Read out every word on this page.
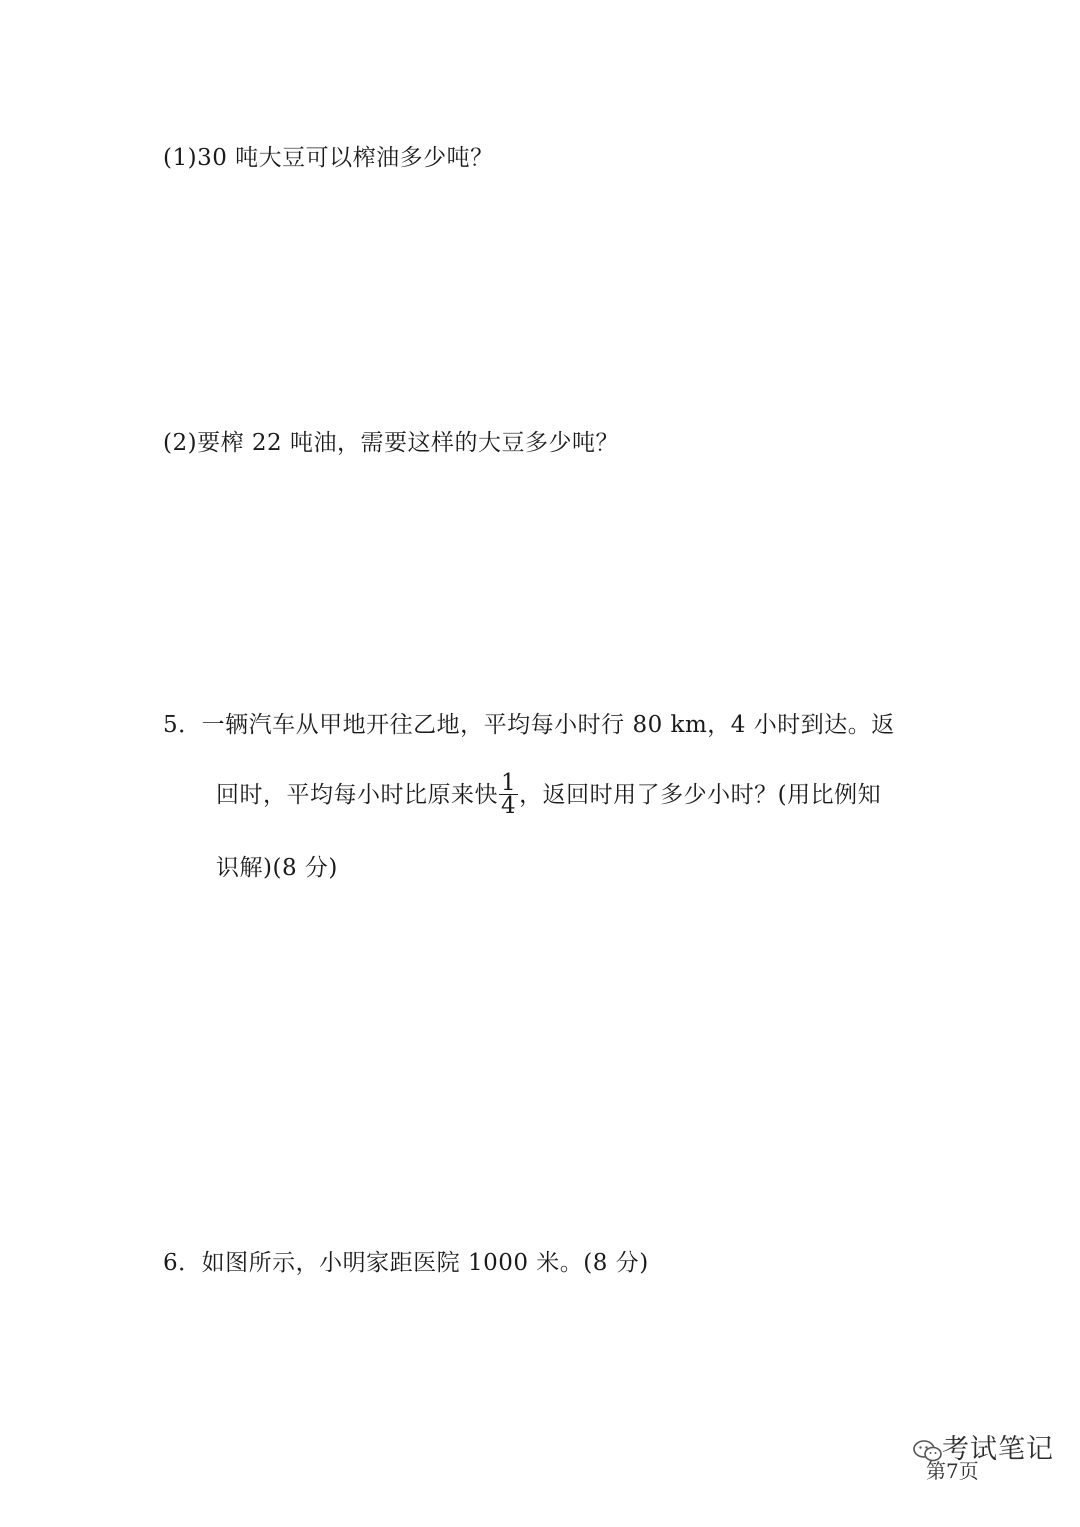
(1)30 吨大豆可以榨油多少吨？
(2)要榨 22 吨油，需要这样的大豆多少吨？
5．一辆汽车从甲地开往乙地，平均每小时行 80 km，4 小时到达。返
回时，平均每小时比原来快 $\frac{1}{4}$ ，返回时用了多少小时？(用比例知
识解)(8 分)
6．如图所示，小明家距医院 1000 米。(8 分)
第7页
考试笔记
